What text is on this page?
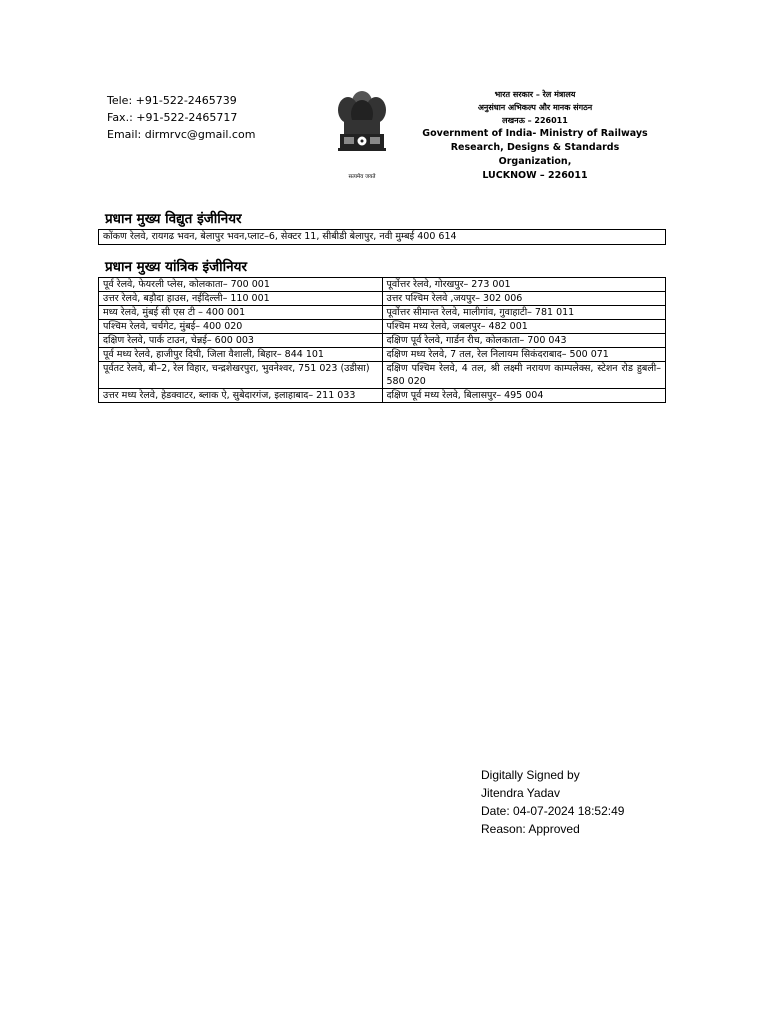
Tele: +91-522-2465739
Fax.: +91-522-2465717
Email: dirmrvc@gmail.com
सत्यमेव जयते
भारत सरकार – रेल मंत्रालय
अनुसंधान अभिकल्प और मानक संगठन
लखनऊ – 226011
Government of India- Ministry of Railways
Research, Designs & Standards Organization,
LUCKNOW – 226011
प्रधान मुख्य विद्युत इंजीनियर
कोंकण रेलवे, रायगढ भवन, बेलापुर भवन,प्लाट–6, सेक्टर 11, सीबीडी बेलापुर, नवी मुम्बई 400 614
प्रधान मुख्य यांत्रिक इंजीनियर
पूर्व रेलवे, फेयरली प्लेस, कोलकाता– 700 001	पूर्वोत्तर रेलवे, गोरखपुर– 273 001
उत्तर रेलवे, बड़ौदा हाउस, नईदिल्ली– 110 001	उत्तर पश्चिम रेलवे ,जयपुर– 302 006
मध्य रेलवे, मुंबई सी एस टी – 400 001	पूर्वोत्तर सीमान्त रेलवे, मालीगांव, गुवाहाटी– 781 011
पश्चिम रेलवे, चर्चगेट, मुंबई– 400 020	पश्चिम मध्य रेलवे, जबलपुर– 482 001
दक्षिण रेलवे, पार्क टाउन, चेन्नई– 600 003	दक्षिण पूर्व रेलवे, गार्डन रीच, कोलकाता– 700 043
पूर्व मध्य रेलवे, हाजीपुर दिघी, जिला वैशाली, बिहार– 844 101	दक्षिण मध्य रेलवे, 7 तल, रेल निलायम सिकंदराबाद– 500 071
पूर्वतट रेलवे, बी–2, रेल विहार, चन्द्रशेखरपुरा, भुवनेश्वर, 751 023 (उडीसा)	दक्षिण पश्चिम रेलवे, 4 तल, श्री लक्ष्मी नरायण काम्पलेक्स, स्टेशन रोड हुबली– 580 020
उत्तर मध्य रेलवे, हेडक्वाटर, ब्लाक ऐ, सुबेदारगंज, इलाहाबाद– 211 033	दक्षिण पूर्व मध्य रेलवे, बिलासपुर– 495 004
Digitally Signed by
Jitendra Yadav
Date: 04-07-2024 18:52:49
Reason: Approved
